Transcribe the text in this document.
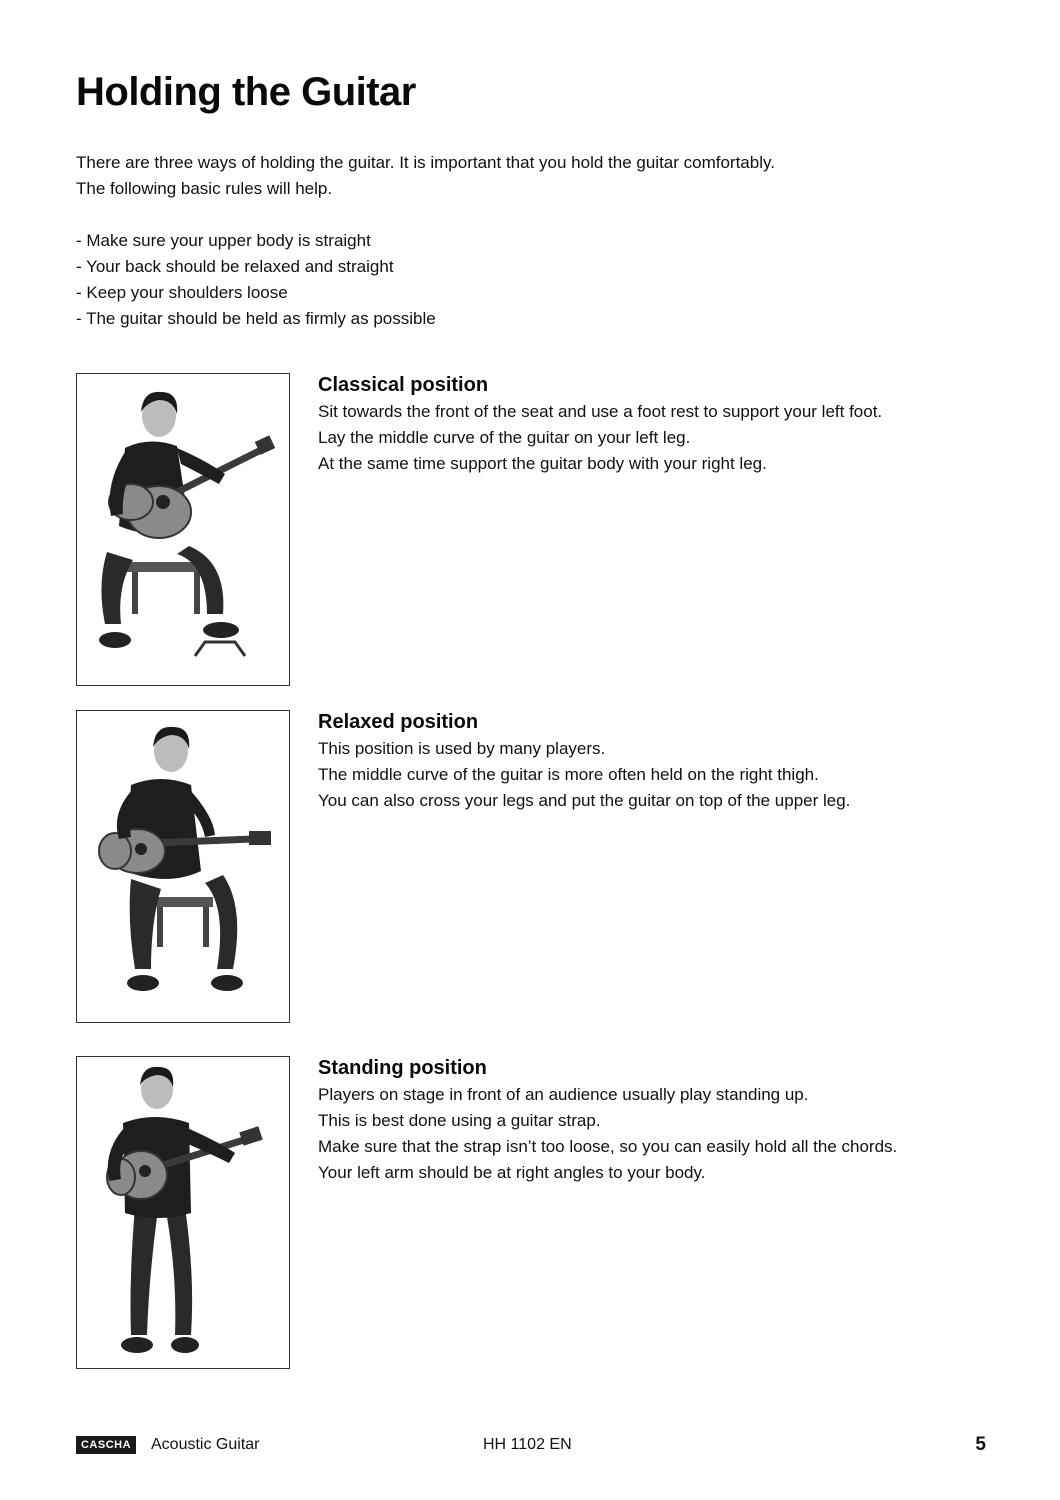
Holding the Guitar

There are three ways of holding the guitar. It is important that you hold the guitar comfortably.

The following basic rules will help.

- Make sure your upper body is straight
- Your back should be relaxed and straight
- Keep your shoulders loose
- The guitar should be held as firmly as possible
Classical position
Sit towards the front of the seat and use a foot rest to support your left foot.
Lay the middle curve of the guitar on your left leg.
At the same time support the guitar body with your right leg.
Relaxed position
This position is used by many players.
The middle curve of the guitar is more often held on the right thigh.
You can also cross your legs and put the guitar on top of the upper leg.
Standing position
Players on stage in front of an audience usually play standing up.
This is best done using a guitar strap.
Make sure that the strap isn’t too loose, so you can easily hold all the chords.
Your left arm should be at right angles to your body.
CASCHA	Acoustic Guitar	HH 1102 EN	5
